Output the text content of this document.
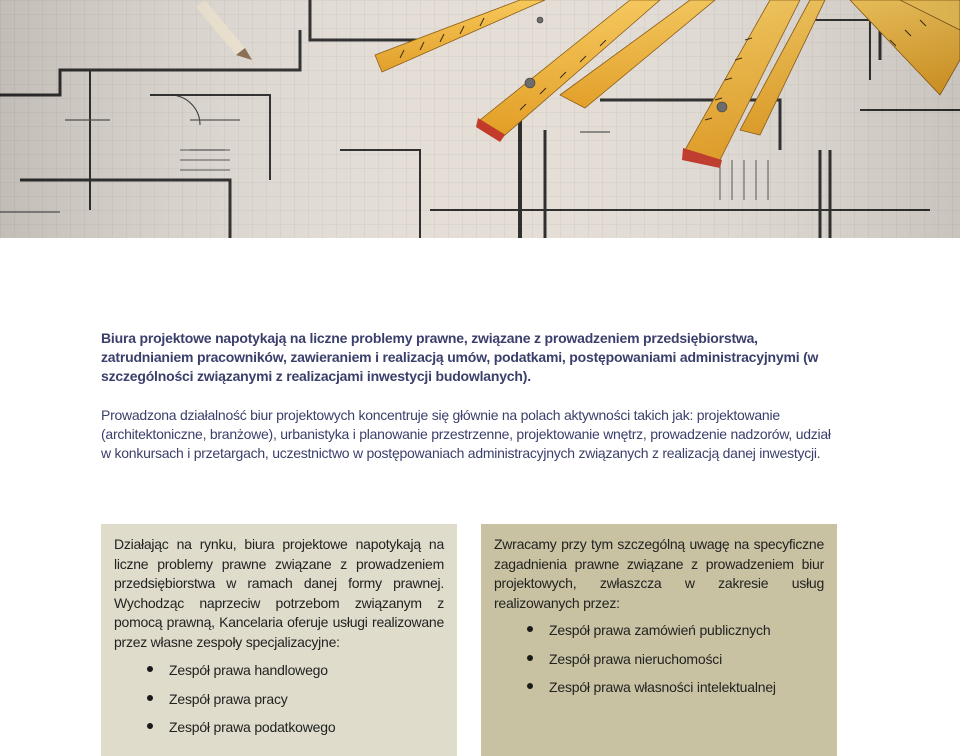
Biura projektowe napotykają na liczne problemy prawne, związane z prowadzeniem przedsiębiorstwa, zatrudnianiem pracowników, zawieraniem i realizacją umów, podatkami, postępowaniami administracyjnymi (w szczególności związanymi z realizacjami inwestycji budowlanych).

Prowadzona działalność biur projektowych koncentruje się głównie na polach aktywności takich jak: projektowanie (architektoniczne, branżowe), urbanistyka i planowanie przestrzenne, projektowanie wnętrz, prowadzenie nadzorów, udział w konkursach i przetargach, uczestnictwo w postępowaniach administracyjnych związanych z realizacją danej inwestycji.

Działając na rynku, biura projektowe napotykają na liczne problemy prawne związane z prowadzeniem przedsiębiorstwa w ramach danej formy prawnej. Wychodząc naprzeciw potrzebom związanym z pomocą prawną, Kancelaria oferuje usługi realizowane przez własne zespoły specjalizacyjne:

Zespół prawa handlowego
Zespół prawa pracy
Zespół prawa podatkowego

Zwracamy przy tym szczególną uwagę na specyficzne zagadnienia prawne związane z prowadzeniem biur projektowych, zwłaszcza w zakresie usług realizowanych przez:

Zespół prawa zamówień publicznych
Zespół prawa nieruchomości
Zespół prawa własności intelektualnej
